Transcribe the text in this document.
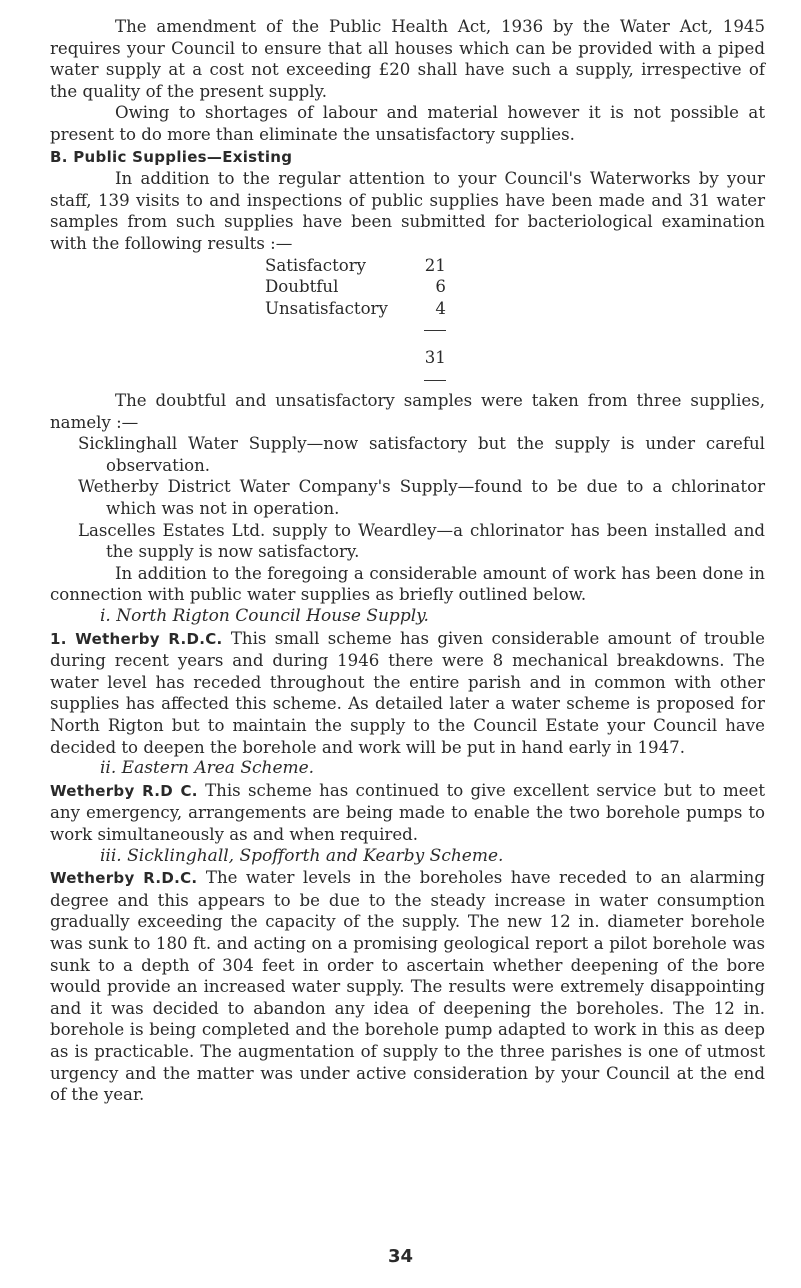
The amendment of the Public Health Act, 1936 by the Water Act, 1945 requires your Council to ensure that all houses which can be provided with a piped water supply at a cost not exceeding £20 shall have such a supply, irrespective of the quality of the present supply.

Owing to shortages of labour and material however it is not possible at present to do more than eliminate the unsatisfactory supplies.

B. Public Supplies—Existing

In addition to the regular attention to your Council's Waterworks by your staff, 139 visits to and inspections of public supplies have been made and 31 water samples from such supplies have been submitted for bacteriological examination with the following results :—

Satisfactory	21
Doubtful	6
Unsatisfactory	4

	31

The doubtful and unsatisfactory samples were taken from three supplies, namely :—

Sicklinghall Water Supply—now satisfactory but the supply is under careful observation.

Wetherby District Water Company's Supply—found to be due to a chlorinator which was not in operation.

Lascelles Estates Ltd. supply to Weardley—a chlorinator has been installed and the supply is now satisfactory.

In addition to the foregoing a considerable amount of work has been done in connection with public water supplies as briefly outlined below.

i. North Rigton Council House Supply.

1. Wetherby R.D.C. This small scheme has given considerable amount of trouble during recent years and during 1946 there were 8 mechanical breakdowns. The water level has receded throughout the entire parish and in common with other supplies has affected this scheme. As detailed later a water scheme is proposed for North Rigton but to maintain the supply to the Council Estate your Council have decided to deepen the borehole and work will be put in hand early in 1947.

ii. Eastern Area Scheme.

Wetherby R.D C. This scheme has continued to give excellent service but to meet any emergency, arrangements are being made to enable the two borehole pumps to work simultaneously as and when required.

iii. Sicklinghall, Spofforth and Kearby Scheme.

Wetherby R.D.C. The water levels in the boreholes have receded to an alarming degree and this appears to be due to the steady increase in water consumption gradually exceeding the capacity of the supply. The new 12 in. diameter borehole was sunk to 180 ft. and acting on a promising geological report a pilot borehole was sunk to a depth of 304 feet in order to ascertain whether deepening of the bore would provide an increased water supply. The results were extremely disappointing and it was decided to abandon any idea of deepening the boreholes. The 12 in. borehole is being completed and the borehole pump adapted to work in this as deep as is practicable. The augmentation of supply to the three parishes is one of utmost urgency and the matter was under active consideration by your Council at the end of the year.

34
